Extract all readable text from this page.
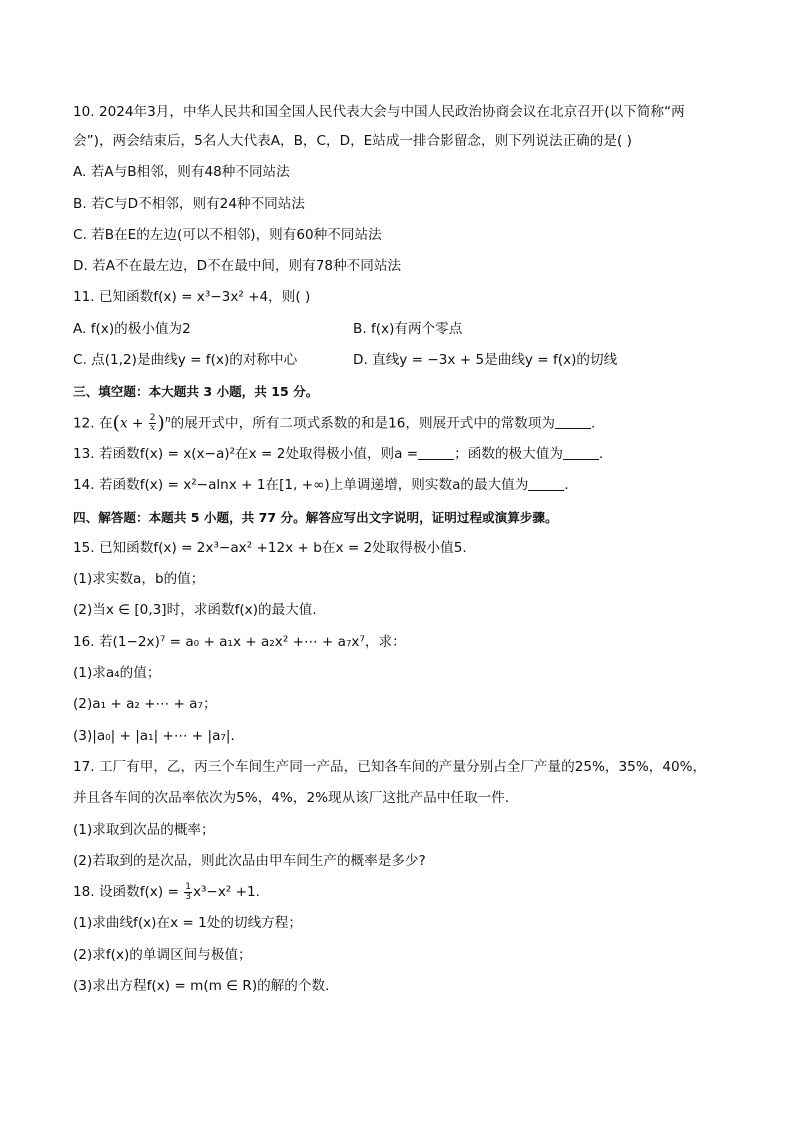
10. 2024年3月，中华人民共和国全国人民代表大会与中国人民政治协商会议在北京召开(以下简称“两
会”)，两会结束后，5名人大代表A，B，C，D，E站成一排合影留念，则下列说法正确的是( )
A. 若A与B相邻，则有48种不同站法
B. 若C与D不相邻，则有24种不同站法
C. 若B在E的左边(可以不相邻)，则有60种不同站法
D. 若A不在最左边，D不在最中间，则有78种不同站法
11. 已知函数f(x) = x³−3x² +4，则( )
A. f(x)的极小值为2	B. f(x)有两个零点
C. 点(1,2)是曲线y = f(x)的对称中心	D. 直线y = −3x + 5是曲线y = f(x)的切线
三、填空题：本大题共 3 小题，共 15 分。
12. 在$(x + \frac{2}{x} )^n$的展开式中，所有二项式系数的和是16，则展开式中的常数项为	.
13. 若函数f(x) = x(x−a)²在x = 2处取得极小值，则a =	；函数的极大值为	.
14. 若函数f(x) = x²−alnx + 1在[1, +∞)上单调递增，则实数a的最大值为	.
四、解答题：本题共 5 小题，共 77 分。解答应写出文字说明，证明过程或演算步骤。
15. 已知函数f(x) = 2x³−ax² +12x + b在x = 2处取得极小值5.
(1)求实数a，b的值；
(2)当x ∈ [0,3]时，求函数f(x)的最大值.
16. 若(1−2x)⁷ = a₀ + a₁x + a₂x² +⋯ + a₇x⁷，求：
(1)求a₄的值；
(2)a₁ + a₂ +⋯ + a₇；
(3)|a₀| + |a₁| +⋯ + |a₇|.
17. 工厂有甲，乙，丙三个车间生产同一产品，已知各车间的产量分别占全厂产量的25%，35%，40%，
并且各车间的次品率依次为5%，4%，2%现从该厂这批产品中任取一件.
(1)求取到次品的概率；
(2)若取到的是次品，则此次品由甲车间生产的概率是多少?
18. 设函数$f(x) = \frac{1}{3} x^3-x^2 +1$.
(1)求曲线f(x)在x = 1处的切线方程；
(2)求f(x)的单调区间与极值；
(3)求出方程f(x) = m(m ∈ R)的解的个数.
